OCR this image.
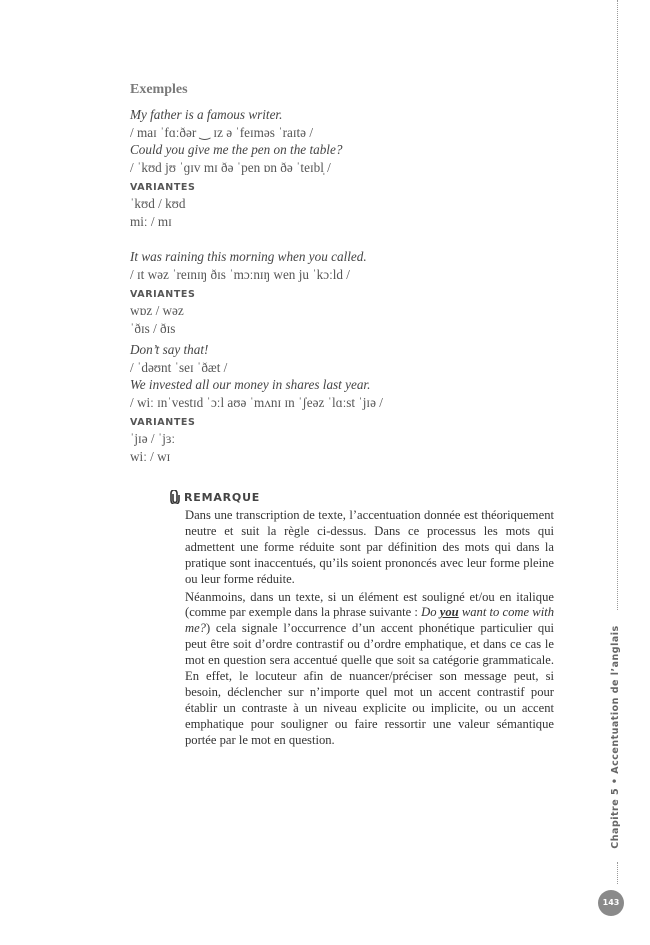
Exemples
My father is a famous writer.
/ maɪ ˈfɑːðər ‿ ɪz ə ˈfeɪməs ˈraɪtə /
Could you give me the pen on the table?
/ ˈkʊd jʊ ˈɡɪv mɪ ðə ˈpen ɒn ðə ˈteɪbl̩ /
VARIANTES
ˈkʊd / kʊd
miː / mɪ
It was raining this morning when you called.
/ ɪt wəz ˈreɪnɪŋ ðɪs ˈmɔːnɪŋ wen ju ˈkɔːld /
VARIANTES
wɒz / wəz
ˈðɪs / ðɪs
Don’t say that!
/ ˈdəʊnt ˈseɪ ˈðæt /
We invested all our money in shares last year.
/ wiː ɪnˈvestɪd ˈɔːl aʊə ˈmʌnɪ ɪn ˈʃeəz ˈlɑːst ˈjɪə /
VARIANTES
ˈjɪə / ˈjɜː
wiː / wɪ
REMARQUE
Dans une transcription de texte, l’accentuation donnée est théoriquement neutre et suit la règle ci-dessus. Dans ce processus les mots qui admettent une forme réduite sont par définition des mots qui dans la pratique sont inaccentués, qu’ils soient prononcés avec leur forme pleine ou leur forme réduite.
Néanmoins, dans un texte, si un élément est souligné et/ou en italique (comme par exemple dans la phrase suivante : Do you want to come with me?) cela signale l’occurrence d’un accent phonétique particulier qui peut être soit d’ordre contrastif ou d’ordre emphatique, et dans ce cas le mot en question sera accentué quelle que soit sa catégorie grammaticale. En effet, le locuteur afin de nuancer/préciser son message peut, si besoin, déclencher sur n’importe quel mot un accent contrastif pour établir un contraste à un niveau explicite ou implicite, ou un accent emphatique pour souligner ou faire ressortir une valeur sémantique portée par le mot en question.	Chapitre 5 • Accentuation de l’anglais
143
